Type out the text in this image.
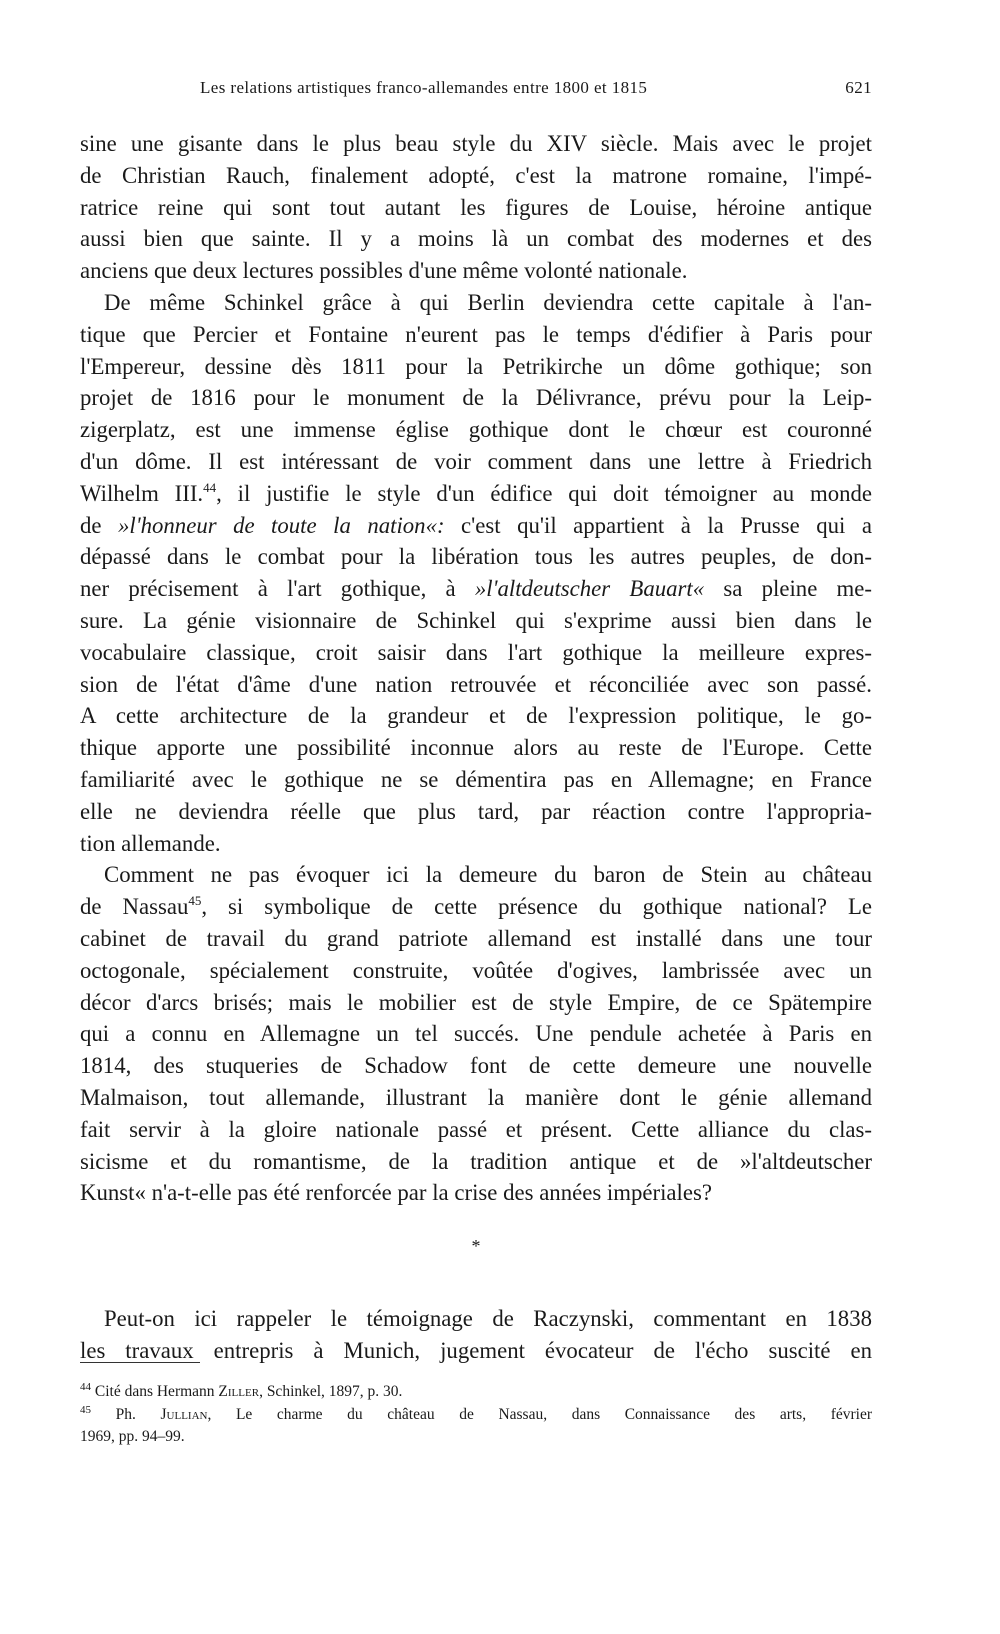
Les relations artistiques franco-allemandes entre 1800 et 1815	621
sine une gisante dans le plus beau style du XIV siècle. Mais avec le projet
de Christian Rauch, finalement adopté, c'est la matrone romaine, l'impé-
ratrice reine qui sont tout autant les figures de Louise, héroine antique
aussi bien que sainte. Il y a moins là un combat des modernes et des
anciens que deux lectures possibles d'une même volonté nationale.
De même Schinkel grâce à qui Berlin deviendra cette capitale à l'an-
tique que Percier et Fontaine n'eurent pas le temps d'édifier à Paris pour
l'Empereur, dessine dès 1811 pour la Petrikirche un dôme gothique; son
projet de 1816 pour le monument de la Délivrance, prévu pour la Leip-
zigerplatz, est une immense église gothique dont le chœur est couronné
d'un dôme. Il est intéressant de voir comment dans une lettre à Friedrich
Wilhelm III.$^{44}$, il justifie le style d'un édifice qui doit témoigner au monde
de »l'honneur de toute la nation«: c'est qu'il appartient à la Prusse qui a
dépassé dans le combat pour la libération tous les autres peuples, de don-
ner précisement à l'art gothique, à »l'altdeutscher Bauart« sa pleine me-
sure. La génie visionnaire de Schinkel qui s'exprime aussi bien dans le
vocabulaire classique, croit saisir dans l'art gothique la meilleure expres-
sion de l'état d'âme d'une nation retrouvée et réconciliée avec son passé.
A cette architecture de la grandeur et de l'expression politique, le go-
thique apporte une possibilité inconnue alors au reste de l'Europe. Cette
familiarité avec le gothique ne se démentira pas en Allemagne; en France
elle ne deviendra réelle que plus tard, par réaction contre l'appropria-
tion allemande.
Comment ne pas évoquer ici la demeure du baron de Stein au château
de Nassau$^{45}$, si symbolique de cette présence du gothique national? Le
cabinet de travail du grand patriote allemand est installé dans une tour
octogonale, spécialement construite, voûtée d'ogives, lambrissée avec un
décor d'arcs brisés; mais le mobilier est de style Empire, de ce Spätempire
qui a connu en Allemagne un tel succés. Une pendule achetée à Paris en
1814, des stuqueries de Schadow font de cette demeure une nouvelle
Malmaison, tout allemande, illustrant la manière dont le génie allemand
fait servir à la gloire nationale passé et présent. Cette alliance du clas-
sicisme et du romantisme, de la tradition antique et de »l'altdeutscher
Kunst« n'a-t-elle pas été renforcée par la crise des années impériales?
*
Peut-on ici rappeler le témoignage de Raczynski, commentant en 1838
les travaux entrepris à Munich, jugement évocateur de l'écho suscité en
$^{44}$ Cité dans Hermann Ziller, Schinkel, 1897, p. 30.
$^{45}$ Ph. Jullian, Le charme du château de Nassau, dans Connaissance des arts, février
1969, pp. 94–99.
